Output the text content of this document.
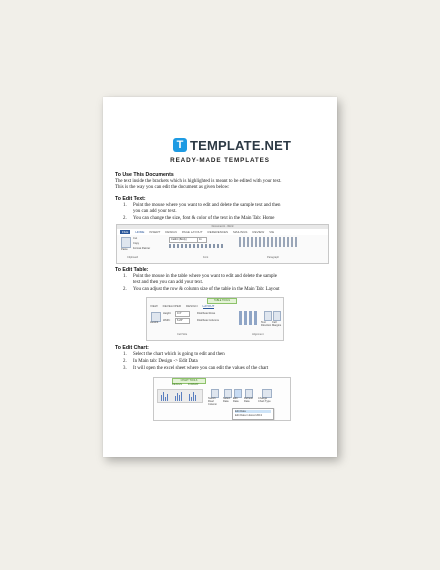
T TEMPLATE.NET
READY-MADE TEMPLATES
To Use This Documents
The text inside the brackets which is highlighted is meant to be edited with your text.
This is the way you can edit the document as given below:
To Edit Text:
1. Point the mouse where you want to edit and delete the sample text and then
you can add your text.
2. You can change the size, font & color of the text in the Main Tab: Home
Document1 - Word
FILE	HOME INSERT DESIGN PAGE LAYOUT REFERENCES MAILINGS REVIEW VIE
Paste
Cut
Copy
Format Painter
Calibri (Body)	11
Clipboard	Font	Paragraph
To Edit Table:
1. Point the mouse in the table where you want to edit and delete the sample
text and then you can add your text.
2. You can adjust the row & column size of the table in the Main Tab: Layout
TABLE TOOLS
VIEW DEVELOPER DESIGN LAYOUT
AutoFit
Height:	0.4"
Width:	6.26"
Distribute Rows
Distribute Columns
Text Direction
Cell Margins
Cell Size	Alignment
To Edit Chart:
1. Select the chart which is going to edit and then
2. In Main tab: Design -> Edit Data
3. It will open the excel sheet where you can edit the values of the chart
CHART TOOLS
DESIGN FORMAT
Switch Row/ Column
Select Data
Edit Data
Refresh Data
Change Chart Type
Edit Data
Edit Data in Excel 2013
